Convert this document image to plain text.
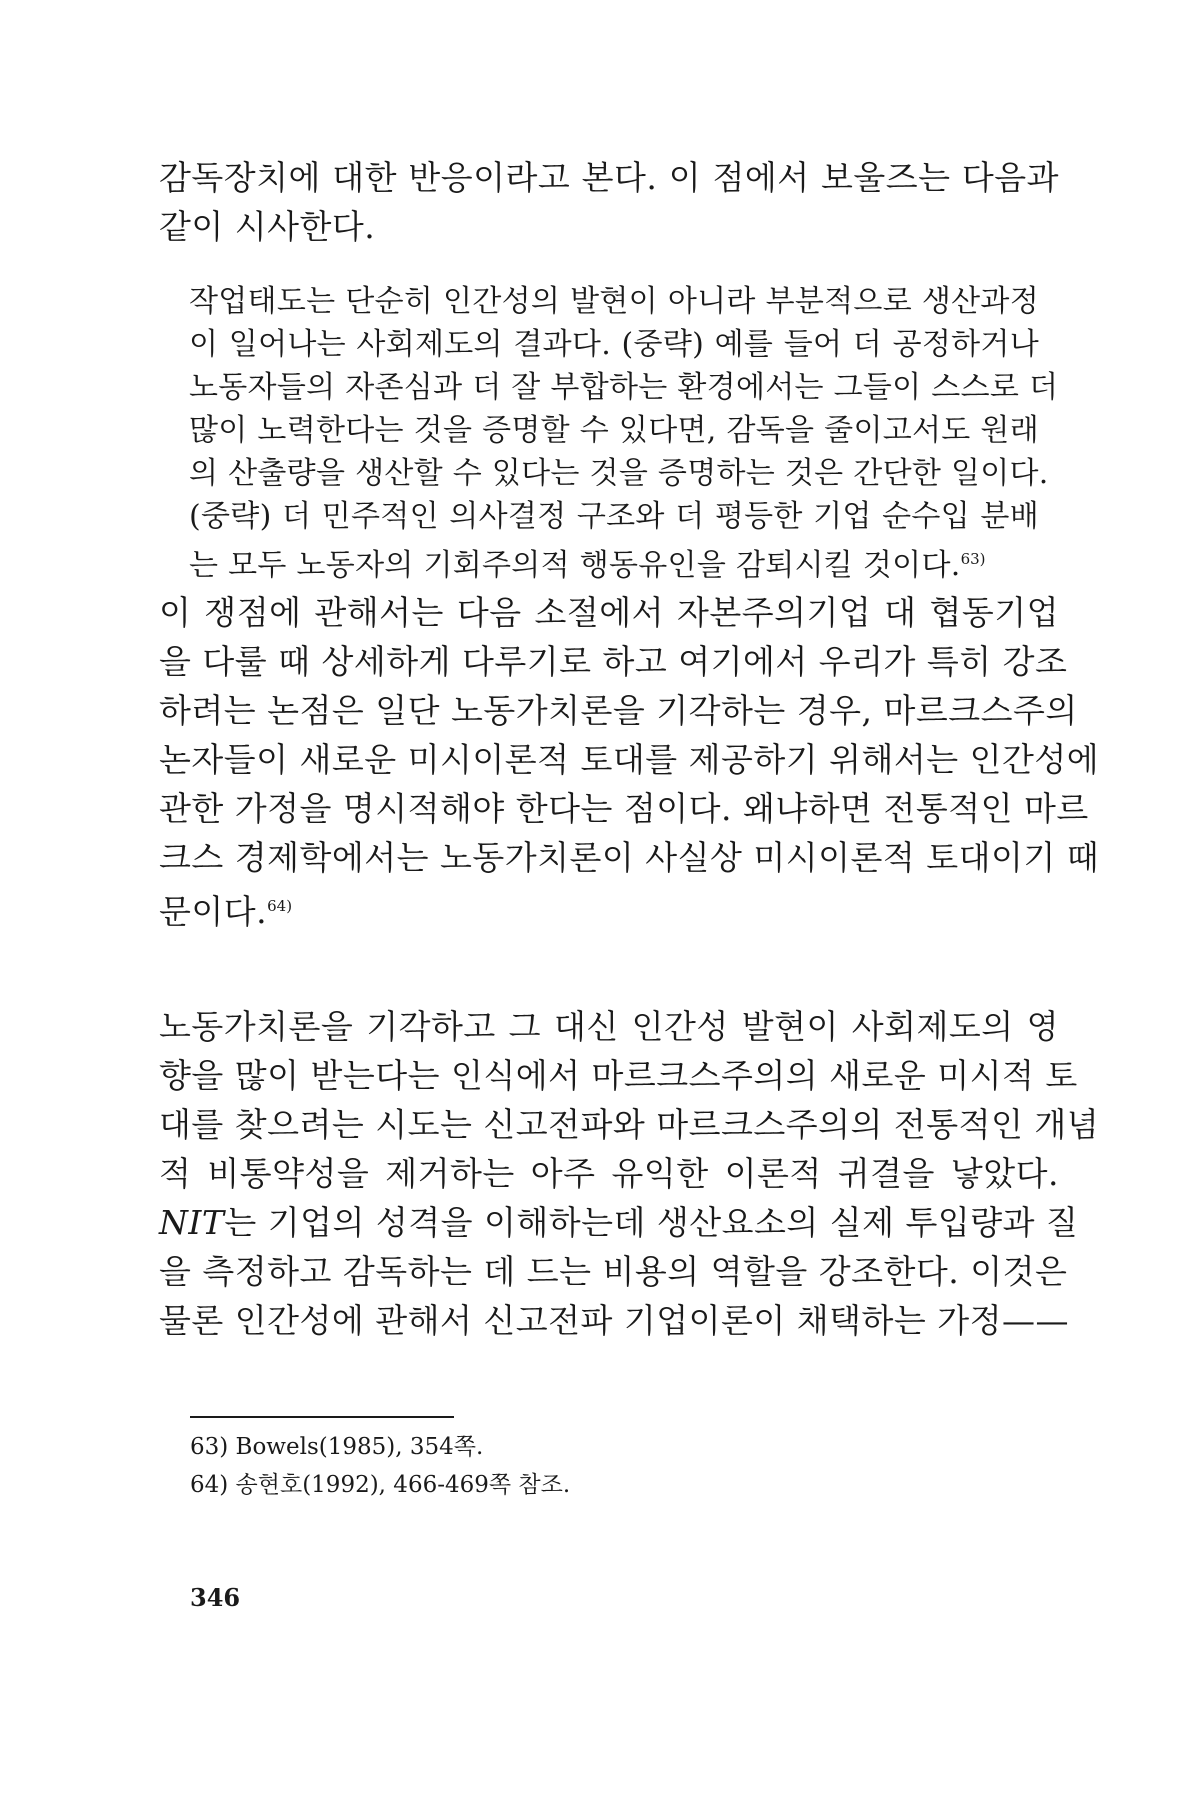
감독장치에 대한 반응이라고 본다. 이 점에서 보울즈는 다음과
같이 시사한다.
작업태도는 단순히 인간성의 발현이 아니라 부분적으로 생산과정
이 일어나는 사회제도의 결과다. (중략) 예를 들어 더 공정하거나
노동자들의 자존심과 더 잘 부합하는 환경에서는 그들이 스스로 더
많이 노력한다는 것을 증명할 수 있다면, 감독을 줄이고서도 원래
의 산출량을 생산할 수 있다는 것을 증명하는 것은 간단한 일이다.
(중략) 더 민주적인 의사결정 구조와 더 평등한 기업 순수입 분배
는 모두 노동자의 기회주의적 행동유인을 감퇴시킬 것이다.$^{63)}$
이 쟁점에 관해서는 다음 소절에서 자본주의기업 대 협동기업
을 다룰 때 상세하게 다루기로 하고 여기에서 우리가 특히 강조
하려는 논점은 일단 노동가치론을 기각하는 경우, 마르크스주의
논자들이 새로운 미시이론적 토대를 제공하기 위해서는 인간성에
관한 가정을 명시적해야 한다는 점이다. 왜냐하면 전통적인 마르
크스 경제학에서는 노동가치론이 사실상 미시이론적 토대이기 때
문이다.$^{64)}$
노동가치론을 기각하고 그 대신 인간성 발현이 사회제도의 영
향을 많이 받는다는 인식에서 마르크스주의의 새로운 미시적 토
대를 찾으려는 시도는 신고전파와 마르크스주의의 전통적인 개념
적 비통약성을 제거하는 아주 유익한 이론적 귀결을 낳았다.
NIT는 기업의 성격을 이해하는데 생산요소의 실제 투입량과 질
을 측정하고 감독하는 데 드는 비용의 역할을 강조한다. 이것은
물론 인간성에 관해서 신고전파 기업이론이 채택하는 가정——
63) Bowels(1985), 354쪽.
64) 송현호(1992), 466-469쪽 참조.
346
